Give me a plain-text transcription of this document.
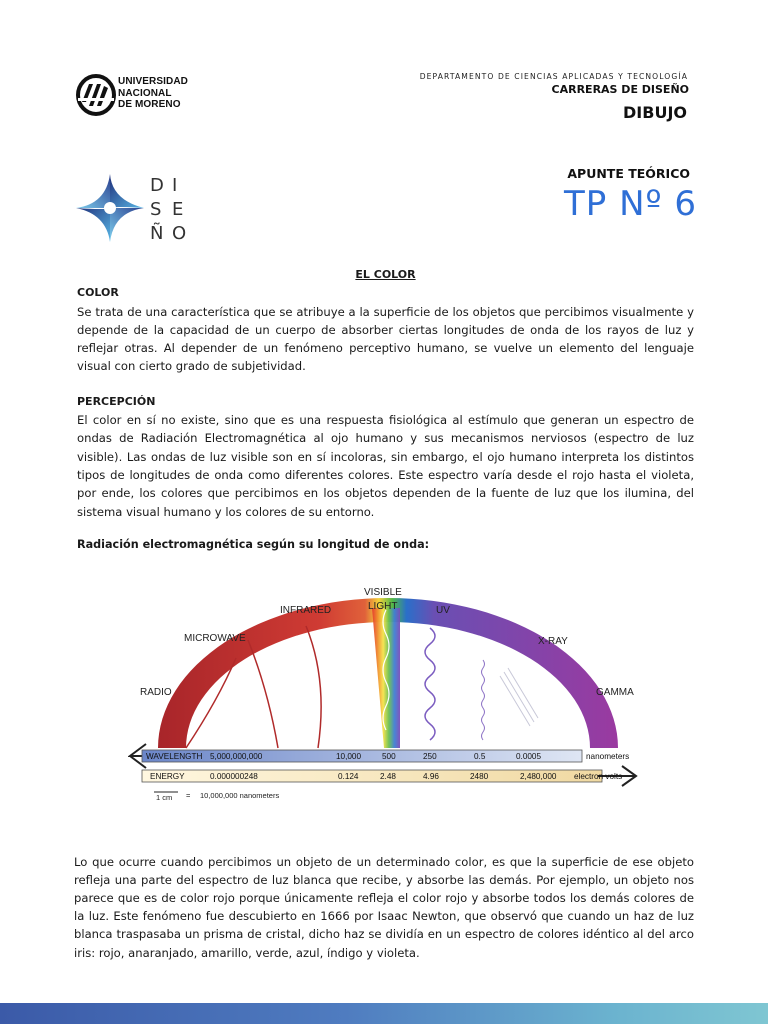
UNIVERSIDAD
NACIONAL
DE MORENO
DEPARTAMENTO DE CIENCIAS APLICADAS Y TECNOLOGÍA
CARRERAS DE DISEÑO
DIBUJO
D I
S E
Ñ O
APUNTE TEÓRICO
TP Nº 6
EL COLOR
COLOR

Se trata de una característica que se atribuye a la superficie de los objetos que percibimos visualmente y depende de la capacidad de un cuerpo de absorber ciertas longitudes de onda de los rayos de luz y reflejar otras. Al depender de un fenómeno perceptivo humano, se vuelve un elemento del lenguaje visual con cierto grado de subjetividad.

PERCEPCIÓN

El color en sí no existe, sino que es una respuesta fisiológica al estímulo que generan un espectro de ondas de Radiación Electromagnética al ojo humano y sus mecanismos nerviosos (espectro de luz visible). Las ondas de luz visible son en sí incoloras, sin embargo, el ojo humano interpreta los distintos tipos de longitudes de onda como diferentes colores. Este espectro varía desde el rojo hasta el violeta, por ende, los colores que percibimos en los objetos dependen de la fuente de luz que los ilumina, del sistema visual humano y los colores de su entorno.

Radiación electromagnética según su longitud de onda:
RADIO
MICROWAVE
INFRARED
VISIBLE
LIGHT	UV
X-RAY
GAMMA
WAVELENGTH 5,000,000,000	10,000	500	250	0.5	0.0005	nanometers
ENERGY	0.000000248	0.124	2.48	4.96	2480	2,480,000 electron volts
1 cm = 10,000,000 nanometers

Lo que ocurre cuando percibimos un objeto de un determinado color, es que la superficie de ese objeto refleja una parte del espectro de luz blanca que recibe, y absorbe las demás. Por ejemplo, un objeto nos parece que es de color rojo porque únicamente refleja el color rojo y absorbe todos los demás colores de la luz. Este fenómeno fue descubierto en 1666 por Isaac Newton, que observó que cuando un haz de luz blanca traspasaba un prisma de cristal, dicho haz se dividía en un espectro de colores idéntico al del arco iris: rojo, anaranjado, amarillo, verde, azul, índigo y violeta.
